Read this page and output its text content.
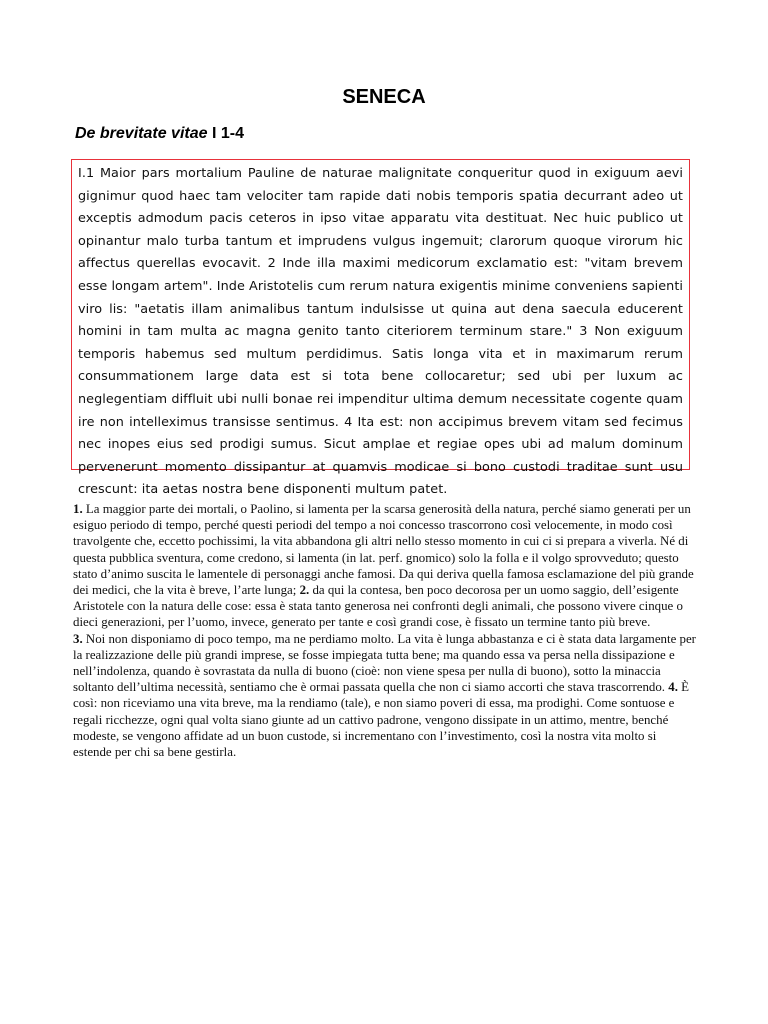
SENECA
De brevitate vitae I 1-4
I.1 Maior pars mortalium Pauline de naturae malignitate conqueritur quod in exiguum aevi gignimur quod haec tam velociter tam rapide dati nobis temporis spatia decurrant adeo ut exceptis admodum pacis ceteros in ipso vitae apparatu vita destituat. Nec huic publico ut opinantur malo turba tantum et imprudens vulgus ingemuit; clarorum quoque virorum hic affectus querellas evocavit. 2 Inde illa maximi medicorum exclamatio est: "vitam brevem esse longam artem". Inde Aristotelis cum rerum natura exigentis minime conveniens sapienti viro lis: "aetatis illam animalibus tantum indulsisse ut quina aut dena saecula educerent homini in tam multa ac magna genito tanto citeriorem terminum stare." 3 Non exiguum temporis habemus sed multum perdidimus. Satis longa vita et in maximarum rerum consummationem large data est si tota bene collocaretur; sed ubi per luxum ac neglegentiam diffluit ubi nulli bonae rei impenditur ultima demum necessitate cogente quam ire non intelleximus transisse sentimus. 4 Ita est: non accipimus brevem vitam sed fecimus nec inopes eius sed prodigi sumus. Sicut amplae et regiae opes ubi ad malum dominum pervenerunt momento dissipantur at quamvis modicae si bono custodi traditae sunt usu crescunt: ita aetas nostra bene disponenti multum patet.

1. La maggior parte dei mortali, o Paolino, si lamenta per la scarsa generosità della natura, perché siamo generati per un esiguo periodo di tempo, perché questi periodi del tempo a noi concesso trascorrono così velocemente, in modo così travolgente che, eccetto pochissimi, la vita abbandona gli altri nello stesso momento in cui ci si prepara a viverla. Né di questa pubblica sventura, come credono, si lamenta (in lat. perf. gnomico) solo la folla e il volgo sprovveduto; questo stato d’animo suscita le lamentele di personaggi anche famosi. Da qui deriva quella famosa esclamazione del più grande dei medici, che la vita è breve, l’arte lunga; 2. da qui la contesa, ben poco decorosa per un uomo saggio, dell’esigente Aristotele con la natura delle cose: essa è stata tanto generosa nei confronti degli animali, che possono vivere cinque o dieci generazioni, per l’uomo, invece, generato per tante e così grandi cose, è fissato un termine tanto più breve.

3. Noi non disponiamo di poco tempo, ma ne perdiamo molto. La vita è lunga abbastanza e ci è stata data largamente per la realizzazione delle più grandi imprese, se fosse impiegata tutta bene; ma quando essa va persa nella dissipazione e nell’indolenza, quando è sovrastata da nulla di buono (cioè: non viene spesa per nulla di buono), sotto la minaccia soltanto dell’ultima necessità, sentiamo che è ormai passata quella che non ci siamo accorti che stava trascorrendo. 4. È così: non riceviamo una vita breve, ma la rendiamo (tale), e non siamo poveri di essa, ma prodighi. Come sontuose e regali ricchezze, ogni qual volta siano giunte ad un cattivo padrone, vengono dissipate in un attimo, mentre, benché modeste, se vengono affidate ad un buon custode, si incrementano con l’investimento, così la nostra vita molto si estende per chi sa bene gestirla.
